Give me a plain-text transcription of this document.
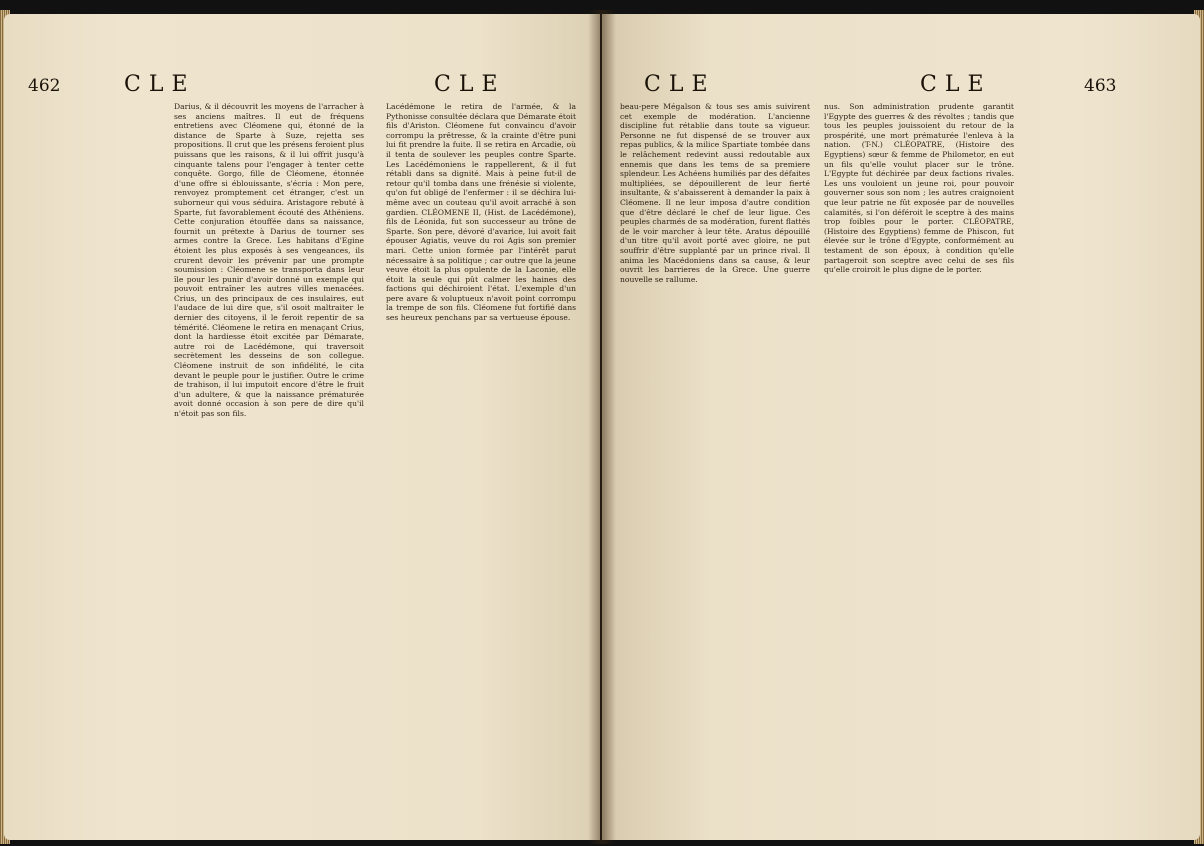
462	CLE	CLE

Darius, & il découvrit les moyens de l'arracher à ses anciens maîtres. Il eut de fréquens entretiens avec Cléomene qui, étonné de la distance de Sparte à Suze, rejetta ses propositions. Il crut que les présens feroient plus puissans que les raisons, & il lui offrit jusqu'à cinquante talens pour l'engager à tenter cette conquête. Gorgo, fille de Cléomene, étonnée d'une offre si éblouissante, s'écria : Mon pere, renvoyez promptement cet étranger, c'est un suborneur qui vous séduira. Aristagore rebuté à Sparte, fut favorablement écouté des Athéniens. Cette conjuration étouffée dans sa naissance, fournit un prétexte à Darius de tourner ses armes contre la Grece. Les habitans d'Egine étoient les plus exposés à ses vengeances, ils crurent devoir les prévenir par une prompte soumission : Cléomene se transporta dans leur île pour les punir d'avoir donné un exemple qui pouvoit entraîner les autres villes menacées. Crius, un des principaux de ces insulaires, eut l'audace de lui dire que, s'il osoit maltraiter le dernier des citoyens, il le feroit repentir de sa témérité. Cléomene le retira en menaçant Crius, dont la hardiesse étoit excitée par Démarate, autre roi de Lacédémone, qui traversoit secrètement les desseins de son collegue. Cléomene instruit de son infidélité, le cita devant le peuple pour le justifier. Outre le crime de trahison, il lui imputoit encore d'être le fruit d'un adultere, & que la naissance prématurée avoit donné occasion à son pere de dire qu'il n'étoit pas son fils.

Lacédémone le retira de l'armée, & la Pythonisse consultée déclara que Démarate étoit fils d'Ariston. Cléomene fut convaincu d'avoir corrompu la prêtresse, & la crainte d'être puni lui fit prendre la fuite. Il se retira en Arcadie, où il tenta de soulever les peuples contre Sparte. Les Lacédémoniens le rappellerent, & il fut rétabli dans sa dignité. Mais à peine fut-il de retour qu'il tomba dans une frénésie si violente, qu'on fut obligé de l'enfermer : il se déchira lui-même avec un couteau qu'il avoit arraché à son gardien. CLÉOMENE II, (Hist. de Lacédémone), fils de Léonida, fut son successeur au trône de Sparte. Son pere, dévoré d'avarice, lui avoit fait épouser Agiatis, veuve du roi Agis son premier mari. Cette union formée par l'intérêt parut nécessaire à sa politique ; car outre que la jeune veuve étoit la plus opulente de la Laconie, elle étoit la seule qui pût calmer les haines des factions qui déchiroient l'état. L'exemple d'un pere avare & voluptueux n'avoit point corrompu la trempe de son fils. Cléomene fut fortifié dans ses heureux penchans par sa vertueuse épouse.

CLE	CLE	463

beau-pere Mégalson & tous ses amis suivirent cet exemple de modération. L'ancienne discipline fut rétablie dans toute sa vigueur. Personne ne fut dispensé de se trouver aux repas publics, & la milice Spartiate tombée dans le relâchement redevint aussi redoutable aux ennemis que dans les tems de sa premiere splendeur. Les Achéens humiliés par des défaites multipliées, se dépouillerent de leur fierté insultante, & s'abaisserent à demander la paix à Cléomene. Il ne leur imposa d'autre condition que d'être déclaré le chef de leur ligue. Ces peuples charmés de sa modération, furent flattés de le voir marcher à leur tête. Aratus dépouillé d'un titre qu'il avoit porté avec gloire, ne put souffrir d'être supplanté par un prince rival. Il anima les Macédoniens dans sa cause, & leur ouvrit les barrieres de la Grece. Une guerre nouvelle se rallume.

nus. Son administration prudente garantit l'Egypte des guerres & des révoltes ; tandis que tous les peuples jouissoient du retour de la prospérité, une mort prématurée l'enleva à la nation. (T-N.) CLÉOPATRE, (Histoire des Egyptiens) sœur & femme de Philometor, en eut un fils qu'elle voulut placer sur le trône. L'Egypte fut déchirée par deux factions rivales. Les uns vouloient un jeune roi, pour pouvoir gouverner sous son nom ; les autres craignoient que leur patrie ne fût exposée par de nouvelles calamités, si l'on déféroit le sceptre à des mains trop foibles pour le porter. CLÉOPATRE, (Histoire des Egyptiens) femme de Phiscon, fut élevée sur le trône d'Egypte, conformément au testament de son époux, à condition qu'elle partageroit son sceptre avec celui de ses fils qu'elle croiroit le plus digne de le porter.
